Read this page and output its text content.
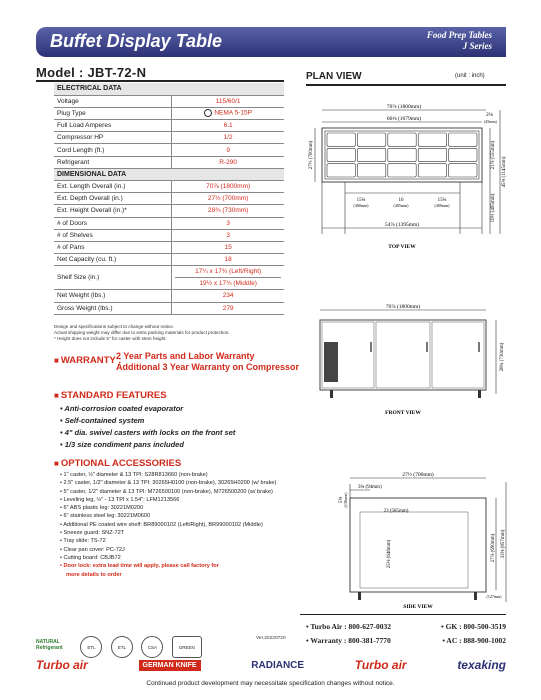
Buffet Display Table	Food Prep Tables
J Series
Model : JBT-72-N
ELECTRICAL DATA	
Voltage	115/60/1
Plug Type	NEMA 5-15P
Full Load Amperes	6.1
Compressor HP	1/2
Cord Length (ft.)	9
Refrigerant	R-290
DIMENSIONAL DATA	
Ext. Length Overall (in.)	70⅞ (1800mm)
Ext. Depth Overall (in.)	27½ (700mm)
Ext. Height Overall (in.)*	28¾ (730mm)
# of Doors	3
# of Shelves	3
# of Pans	15
Net Capacity (cu. ft.)	18
Shelf Size (in.)	17¼ x 17¾ (Left/Right)
19½ x 17¾ (Middle)

Net Weight (lbs.)	234
Gross Weight (lbs.)	279
Design and specifications subject to change without notice.
Actual shipping weight may differ due to extra packing materials for product protection.
* Height does not include 5" for caster with stem height.
■ WARRANTY :
2 Year Parts and Labor Warranty
Additional 3 Year Warranty on Compressor
■ STANDARD FEATURES
• Anti-corrosion coated evaporator
• Self-contained system
• 4" dia. swivel casters with locks on the front set
• 1/3 size condiment pans included
■ OPTIONAL ACCESSORIES
• 1" caster, ½" diameter & 13 TPI: S28R813660 (non-brake)
• 2.5" caster, 1/2" diameter & 13 TPI: 30265H0100 (non-brake), 30265H0200 (w/ brake)
• 5" caster, 1/2" diameter & 13 TPI: M726500100 (non-brake), M726500200 (w/ brake)
• Leveling leg, ½" - 13 TPI x 1.54": LFM1213566
• 6" ABS plastic leg: 30221M0200
• 6" stainless steel leg: 30221M0600
• Additional PE coated wire shelf: BR89000102 (Left/Right), BR99000102 (Middle)
• Sneeze guard: SNZ-72T
• Tray slide: TS-72
• Clear pan cover: PC-72J
• Cutting board: CBJB72
• Door lock: extra lead time will apply, please call factory for
more details to order
Ver.20220720
PLAN VIEW	(unit : inch)
70⅞ (1800mm)
66⅛ (1679mm)
2⅛
(45mm)
27½ (700mm)	21⅞ (555mm)
45⅛ (1145mm)
19½ (495mm)
15¾
(400mm)
16
(405mm)
15¾
(400mm)
54⅞ (1395mm)
TOP VIEW
70⅞ (1800mm)
28¾ (730mm)
FRONT VIEW
27½ (700mm)
3¾ (94mm)
23 (585mm)
5⅜ (136mm)
25⅜ (646mm)	27⅞ (690mm) 33⅝ (857mm)
(127mm)
SIDE VIEW
• Turbo Air : 800-627-0032	• GK : 800-500-3519
• Warranty : 800-381-7770	• AC : 888-900-1002
NATURAL Refrigerant	ETL	ETL	CSA	GREEN
Turbo air	GERMAN KNIFE	RADIANCE	Turbo air	texaking
Continued product development may necessitate specification changes without notice.
